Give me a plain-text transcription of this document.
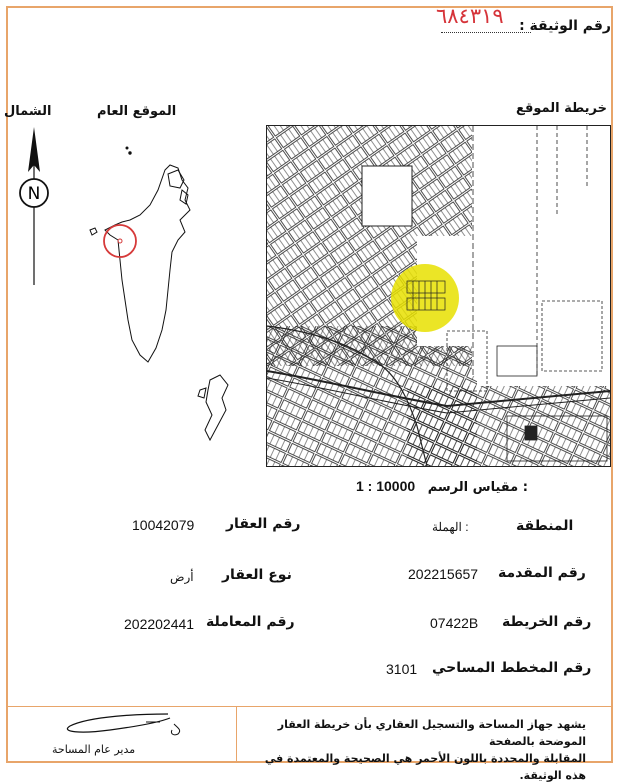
رقم الوثيقة :
٦٨٤٣١٩
الشمال	الموقع العام	خريطة الموقع
N
1 : 10000 مقياس الرسم :
المنطقة
: الهملة
رقم العقار
10042079
رقم المقدمة
202215657
نوع العقار
أرض
رقم الخريطة
07422B
رقم المعاملة
202202441
رقم المخطط المساحي
3101
يشهد جهاز المساحة والتسجيل العقاري بأن خريطة العقار الموضحة بالصفحة
المقابلة والمحددة باللون الأحمر هي الصحيحة والمعتمدة في هذه الوثيقة.
مدير عام المساحة
